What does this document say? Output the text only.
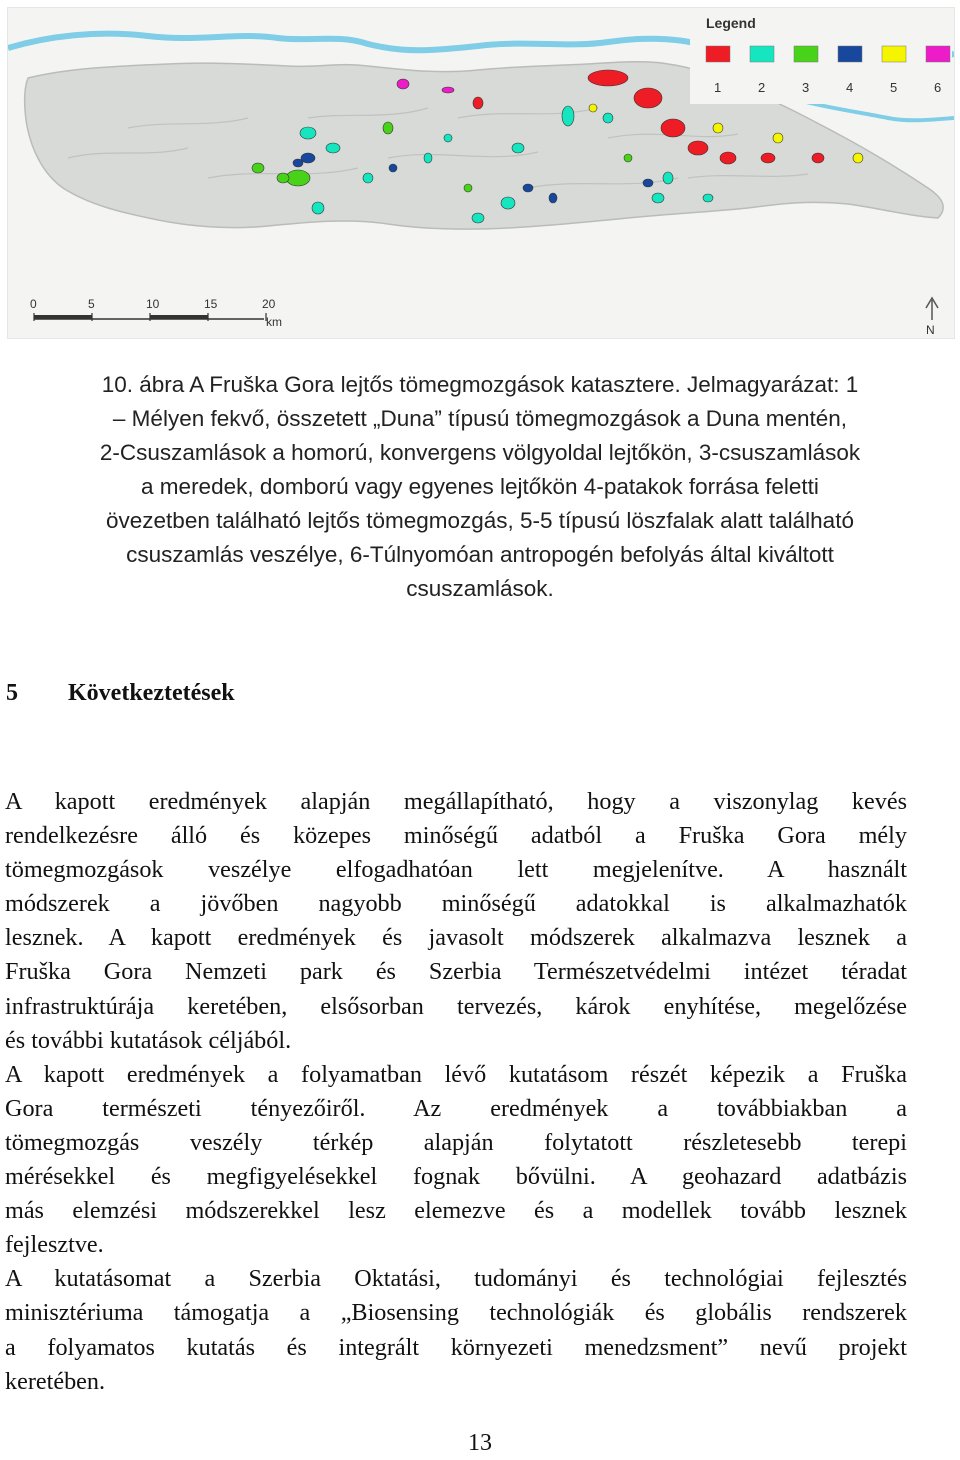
Legend
1	2	3	4	5	6
0	5	10	15	20
km
N
10. ábra A Fruška Gora lejtős tömegmozgások katasztere. Jelmagyarázat: 1
– Mélyen fekvő, összetett „Duna” típusú tömegmozgások a Duna mentén,
2-Csuszamlások a homorú, konvergens völgyoldal lejtőkön, 3-csuszamlások
a meredek, domború vagy egyenes lejtőkön 4-patakok forrása feletti
övezetben található lejtős tömegmozgás, 5-5 típusú löszfalak alatt található
csuszamlás veszélye, 6-Túlnyomóan antropogén befolyás által kiváltott
csuszamlások.
5 Következtetések
A kapott eredmények alapján megállapítható, hogy a viszonylag kevés
rendelkezésre álló és közepes minőségű adatból a Fruška Gora mély
tömegmozgások veszélye elfogadhatóan lett megjelenítve. A használt
módszerek a jövőben nagyobb minőségű adatokkal is alkalmazhatók
lesznek. A kapott eredmények és javasolt módszerek alkalmazva lesznek a
Fruška Gora Nemzeti park és Szerbia Természetvédelmi intézet téradat
infrastruktúrája keretében, elsősorban tervezés, károk enyhítése, megelőzése
és további kutatások céljából.
A kapott eredmények a folyamatban lévő kutatásom részét képezik a Fruška
Gora természeti tényezőiről. Az eredmények a továbbiakban a
tömegmozgás veszély térkép alapján folytatott részletesebb terepi
mérésekkel és megfigyelésekkel fognak bővülni. A geohazard adatbázis
más elemzési módszerekkel lesz elemezve és a modellek tovább lesznek
fejlesztve.
A kutatásomat a Szerbia Oktatási, tudományi és technológiai fejlesztés
minisztériuma támogatja a „Biosensing technológiák és globális rendszerek
a folyamatos kutatás és integrált környezeti menedzsment” nevű projekt
keretében.
13
